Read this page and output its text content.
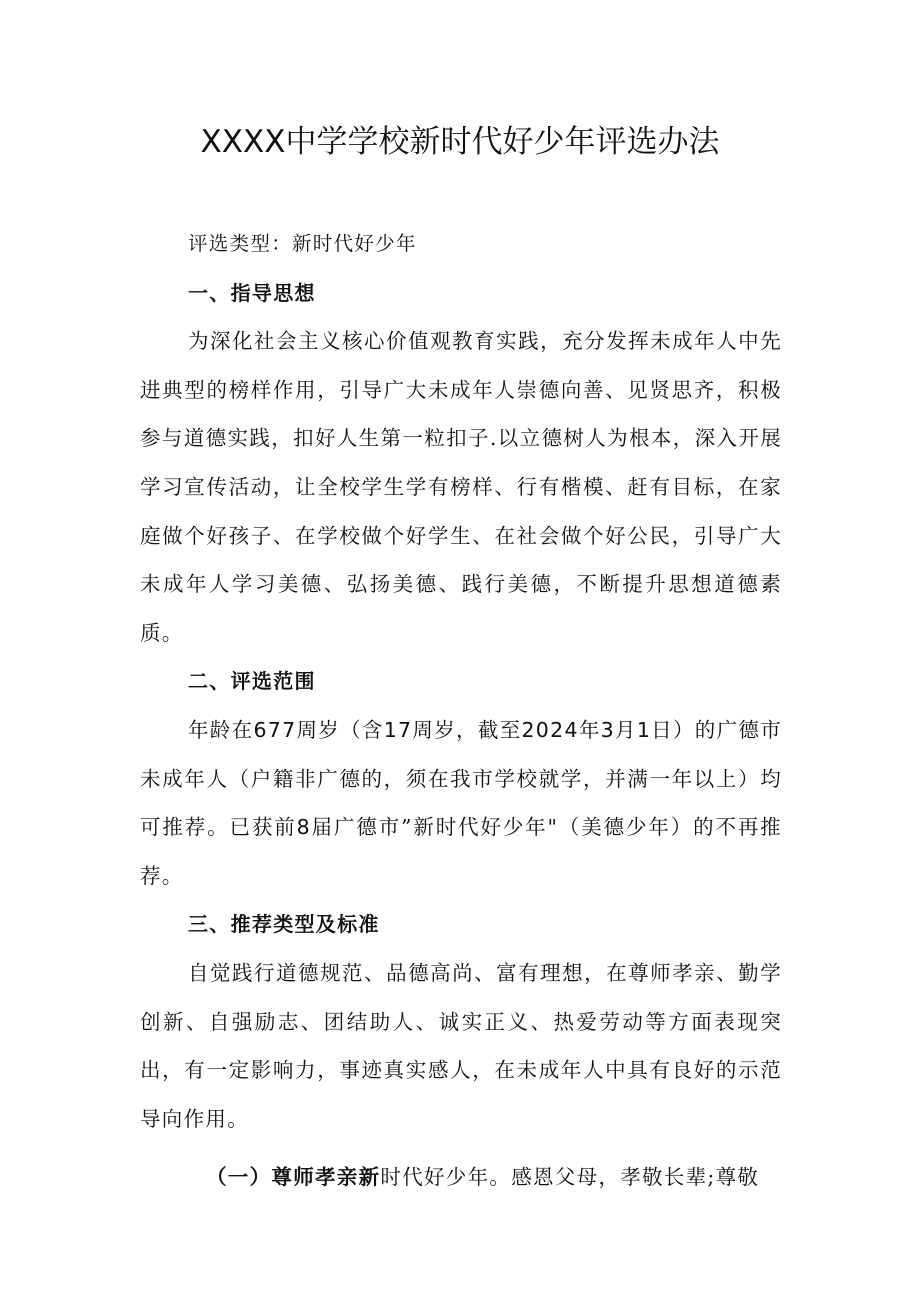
XXXX中学学校新时代好少年评选办法

评选类型：新时代好少年

一、指导思想

为深化社会主义核心价值观教育实践，充分发挥未成年人中先进典型的榜样作用，引导广大未成年人崇德向善、见贤思齐，积极参与道德实践，扣好人生第一粒扣子.以立德树人为根本，深入开展学习宣传活动，让全校学生学有榜样、行有楷模、赶有目标，在家庭做个好孩子、在学校做个好学生、在社会做个好公民，引导广大未成年人学习美德、弘扬美德、践行美德，不断提升思想道德素质。

二、评选范围

年龄在677周岁（含17周岁，截至2024年3月1日）的广德市未成年人（户籍非广德的，须在我市学校就学，并满一年以上）均可推荐。已获前8届广德市”新时代好少年"（美德少年）的不再推荐。

三、推荐类型及标准

自觉践行道德规范、品德高尚、富有理想，在尊师孝亲、勤学创新、自强励志、团结助人、诚实正义、热爱劳动等方面表现突出，有一定影响力，事迹真实感人，在未成年人中具有良好的示范导向作用。

（一）尊师孝亲新时代好少年。感恩父母，孝敬长辈;尊敬
